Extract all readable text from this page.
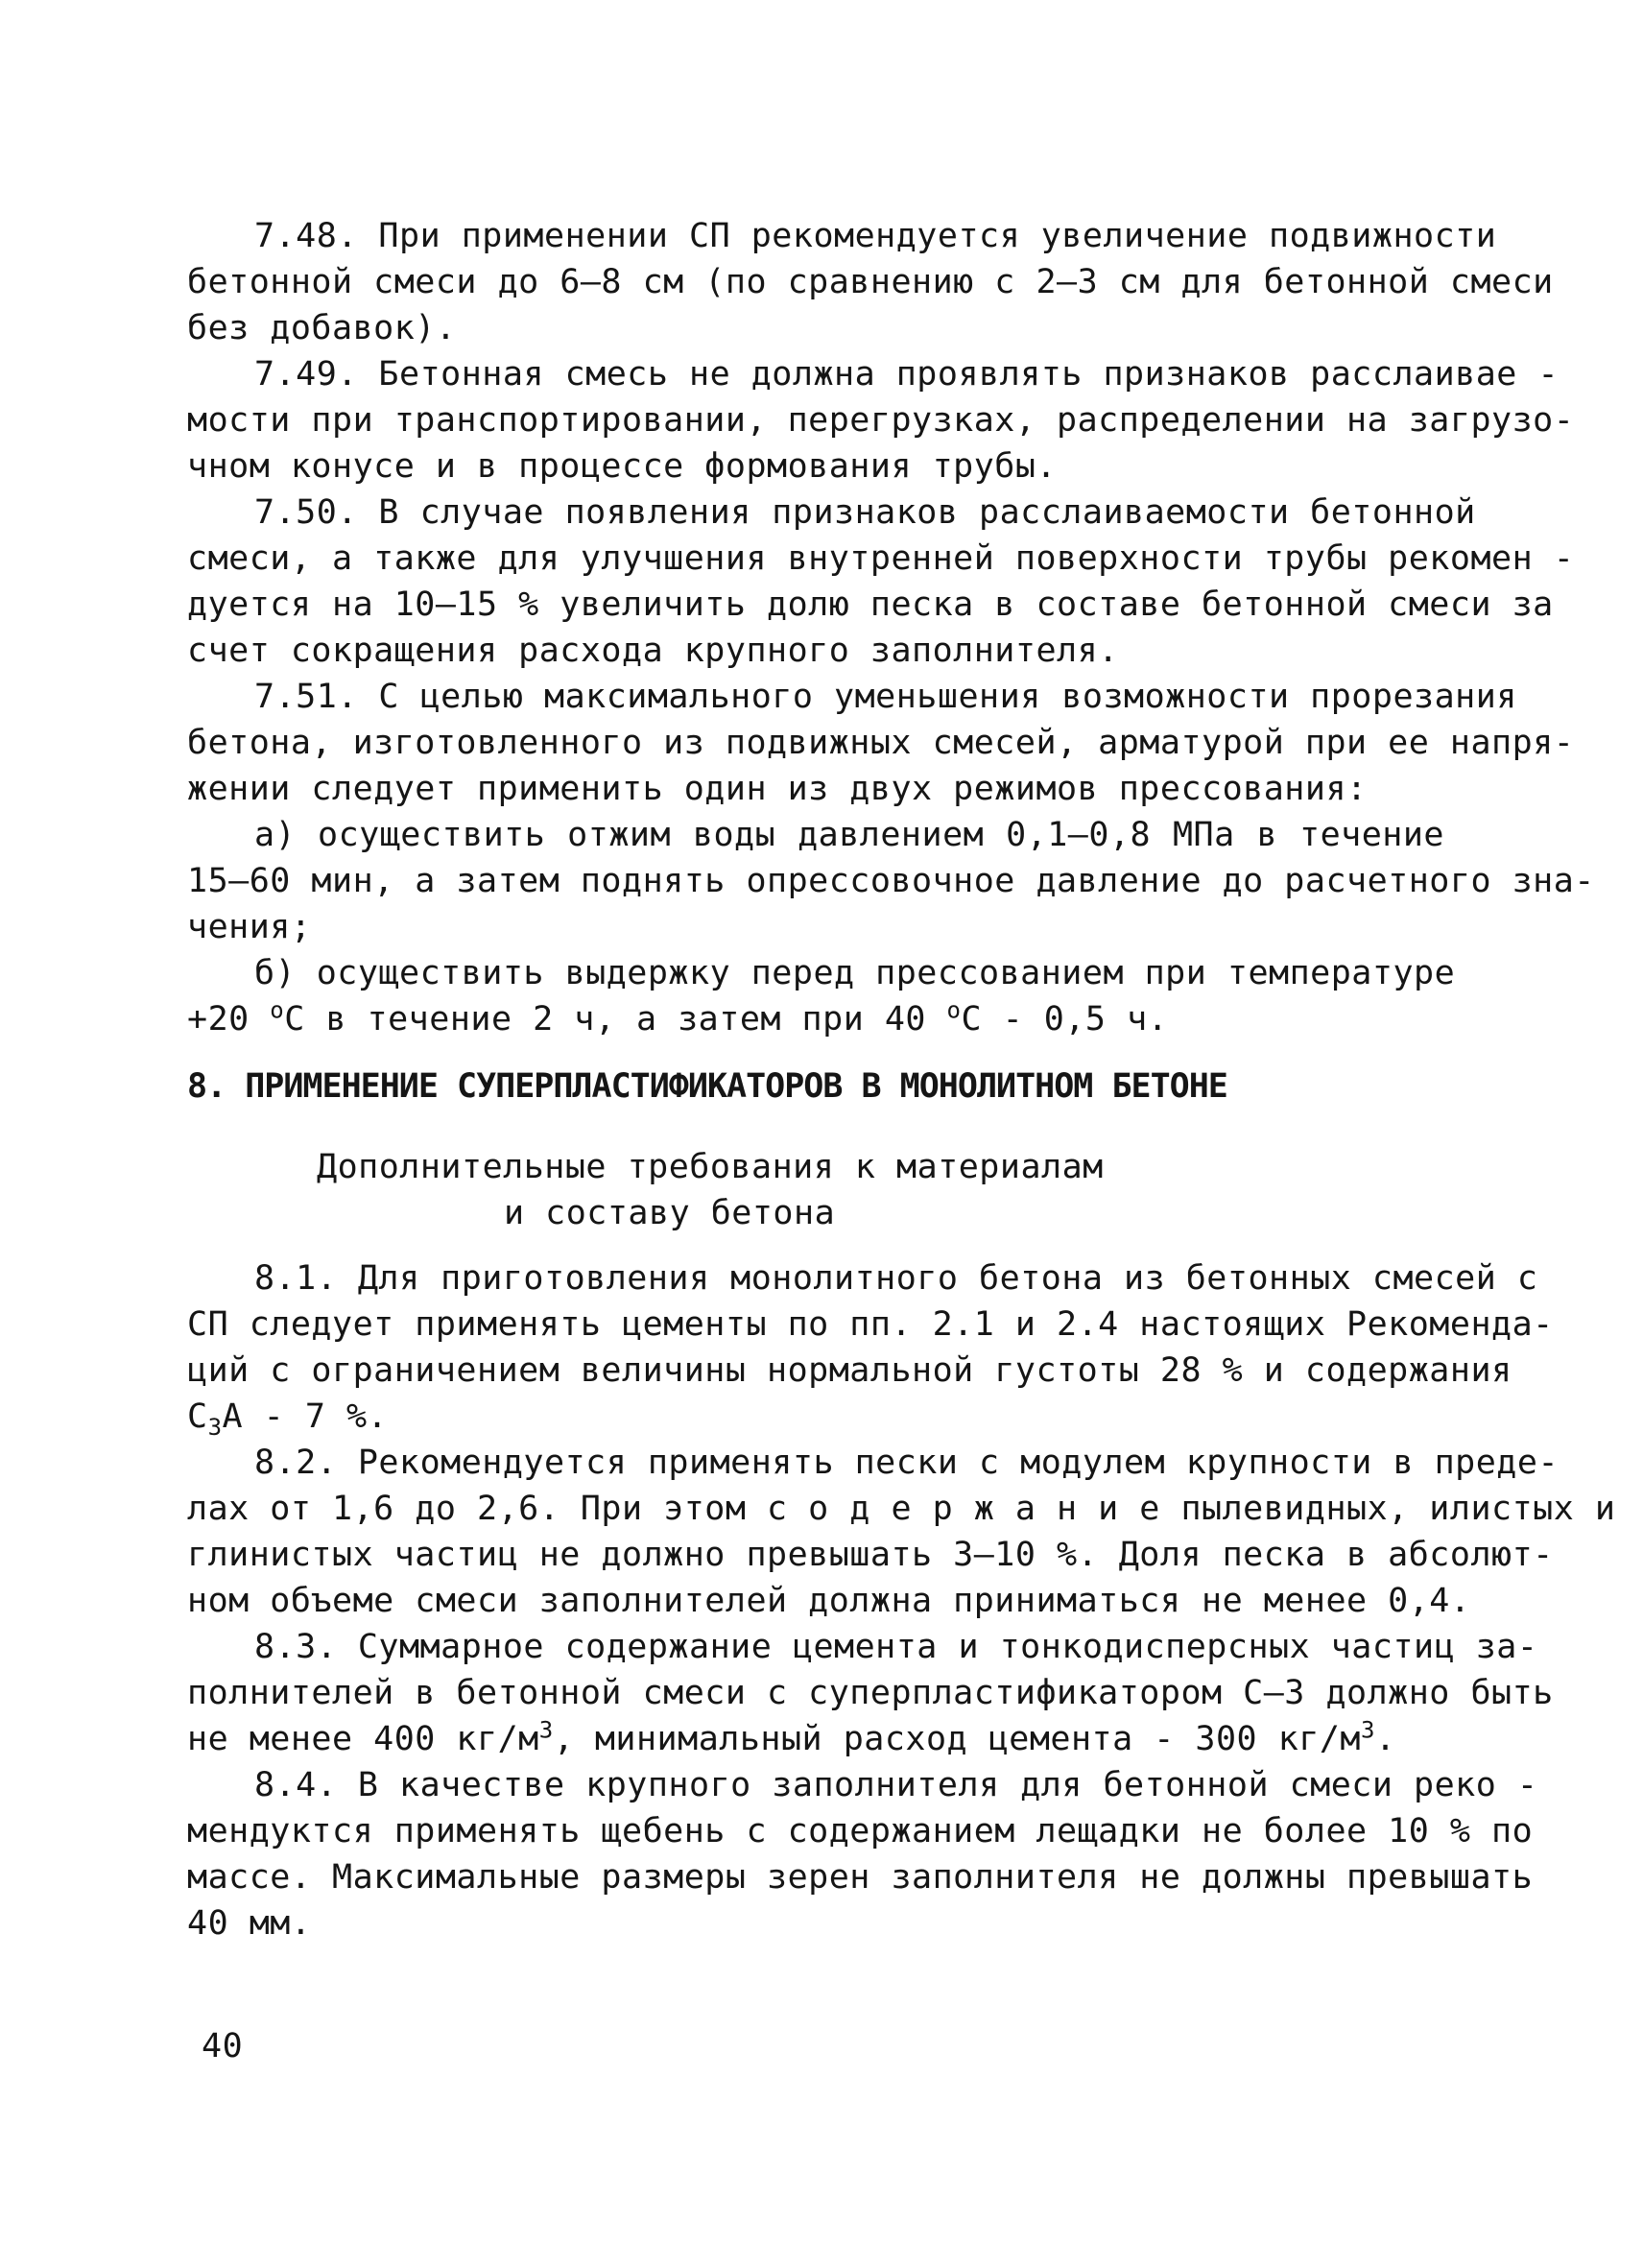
7.48. При применении СП рекомендуется увеличение подвижности
бетонной смеси до 6–8 см (по сравнению с 2–3 см для бетонной смеси
без добавок).
7.49. Бетонная смесь не должна проявлять признаков расслаивае -
мости при транспортировании, перегрузках, распределении на загрузо-
чном конусе и в процессе формования трубы.
7.50. В случае появления признаков расслаиваемости бетонной
смеси, а также для улучшения внутренней поверхности трубы рекомен -
дуется на 10–15 % увеличить долю песка в составе бетонной смеси за
счет сокращения расхода крупного заполнителя.
7.51. С целью максимального уменьшения возможности прорезания
бетона, изготовленного из подвижных смесей, арматурой при ее напря-
жении следует применить один из двух режимов прессования:
а) осуществить отжим воды давлением 0,1–0,8 МПа в течение
15–60 мин, а затем поднять опрессовочное давление до расчетного зна-
чения;
б) осуществить выдержку перед прессованием при температуре
+20 $^о$С в течение 2 ч, а затем при 40 $^о$С - 0,5 ч.
8. ПРИМЕНЕНИЕ СУПЕРПЛАСТИФИКАТОРОВ В МОНОЛИТНОМ БЕТОНЕ
Дополнительные требования к материалам
и составу бетона
8.1. Для приготовления монолитного бетона из бетонных смесей с
СП следует применять цементы по пп. 2.1 и 2.4 настоящих Рекоменда-
ций с ограничением величины нормальной густоты 28 % и содержания
$С_3А - 7$ %.
8.2. Рекомендуется применять пески с модулем крупности в преде-
лах от 1,6 до 2,6. При этом с о д е р ж а н и е пылевидных, илистых и
глинистых частиц не должно превышать 3–10 %. Доля песка в абсолют-
ном объеме смеси заполнителей должна приниматься не менее 0,4.
8.3. Суммарное содержание цемента и тонкодисперсных частиц за-
полнителей в бетонной смеси с суперпластификатором С–3 должно быть
не менее 400 $кг/м^3$, минимальный расход цемента - 300 $кг/м^3$.
8.4. В качестве крупного заполнителя для бетонной смеси реко -
мендуктся применять щебень с содержанием лещадки не более 10 % по
массе. Максимальные размеры зерен заполнителя не должны превышать
40 мм.
40
